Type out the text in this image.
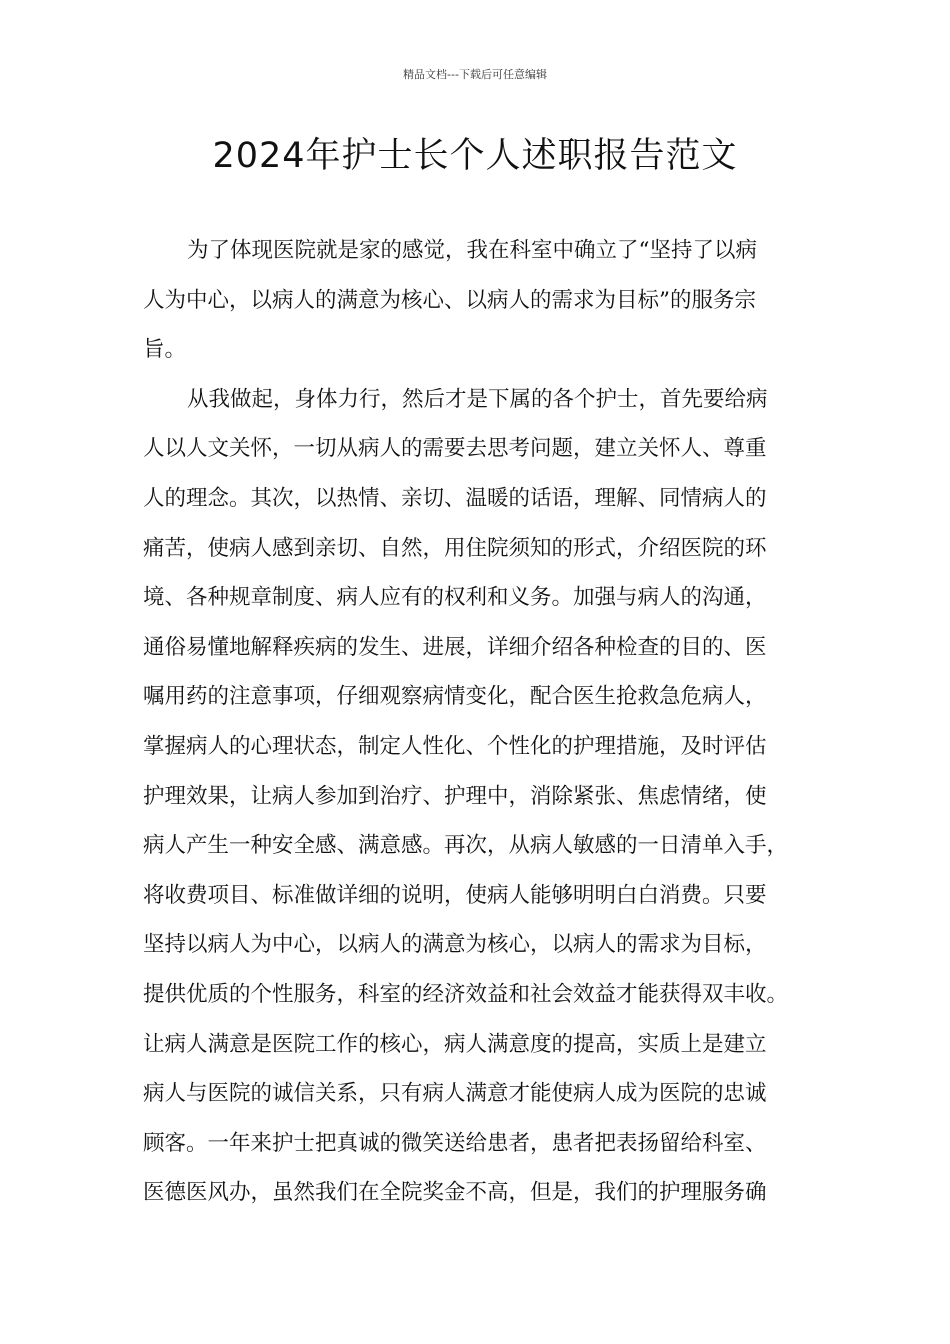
精品文档---下载后可任意编辑
2024年护士长个人述职报告范文
为了体现医院就是家的感觉，我在科室中确立了“坚持了以病
人为中心，以病人的满意为核心、以病人的需求为目标”的服务宗
旨。
从我做起，身体力行，然后才是下属的各个护士，首先要给病
人以人文关怀，一切从病人的需要去思考问题，建立关怀人、尊重
人的理念。其次，以热情、亲切、温暖的话语，理解、同情病人的
痛苦，使病人感到亲切、自然，用住院须知的形式，介绍医院的环
境、各种规章制度、病人应有的权利和义务。加强与病人的沟通，
通俗易懂地解释疾病的发生、进展，详细介绍各种检查的目的、医
嘱用药的注意事项，仔细观察病情变化，配合医生抢救急危病人，
掌握病人的心理状态，制定人性化、个性化的护理措施，及时评估
护理效果，让病人参加到治疗、护理中，消除紧张、焦虑情绪，使
病人产生一种安全感、满意感。再次，从病人敏感的一日清单入手，
将收费项目、标准做详细的说明，使病人能够明明白白消费。只要
坚持以病人为中心，以病人的满意为核心，以病人的需求为目标，
提供优质的个性服务，科室的经济效益和社会效益才能获得双丰收。
让病人满意是医院工作的核心，病人满意度的提高，实质上是建立
病人与医院的诚信关系，只有病人满意才能使病人成为医院的忠诚
顾客。一年来护士把真诚的微笑送给患者，患者把表扬留给科室、
医德医风办，虽然我们在全院奖金不高，但是，我们的护理服务确
